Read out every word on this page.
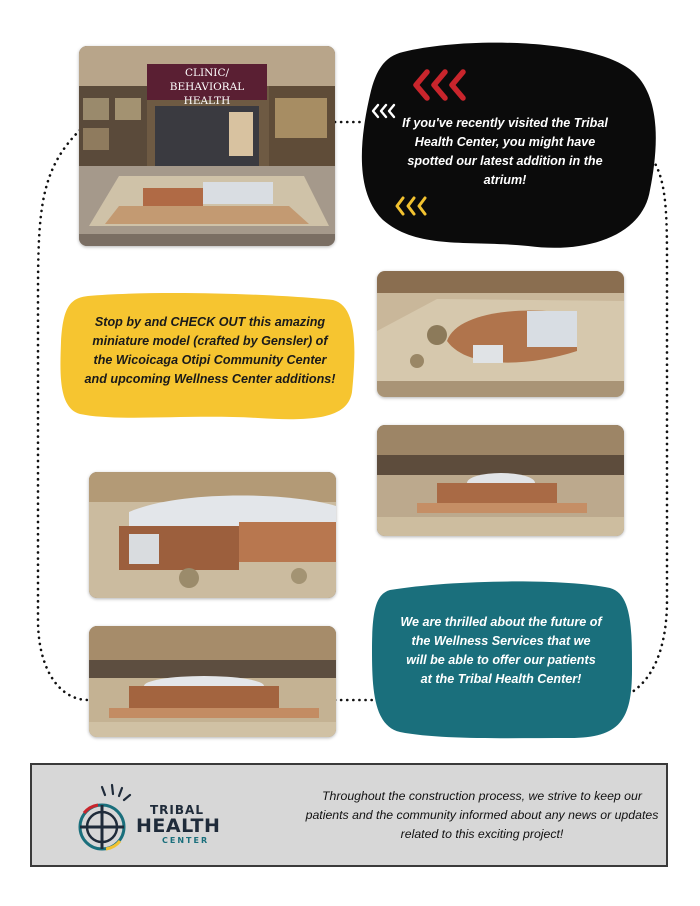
CLINIC/
BEHAVIORAL HEALTH
If you've recently visited the Tribal Health Center, you might have spotted our latest addition in the atrium!
Stop by and CHECK OUT this amazing miniature model (crafted by Gensler) of the Wicoicaga Otipi Community Center and upcoming Wellness Center additions!
We are thrilled about the future of the Wellness Services that we will be able to offer our patients at the Tribal Health Center!
TRIBAL
HEALTH
CENTER
Throughout the construction process, we strive to keep our patients and the community informed about any news or updates related to this exciting project!
